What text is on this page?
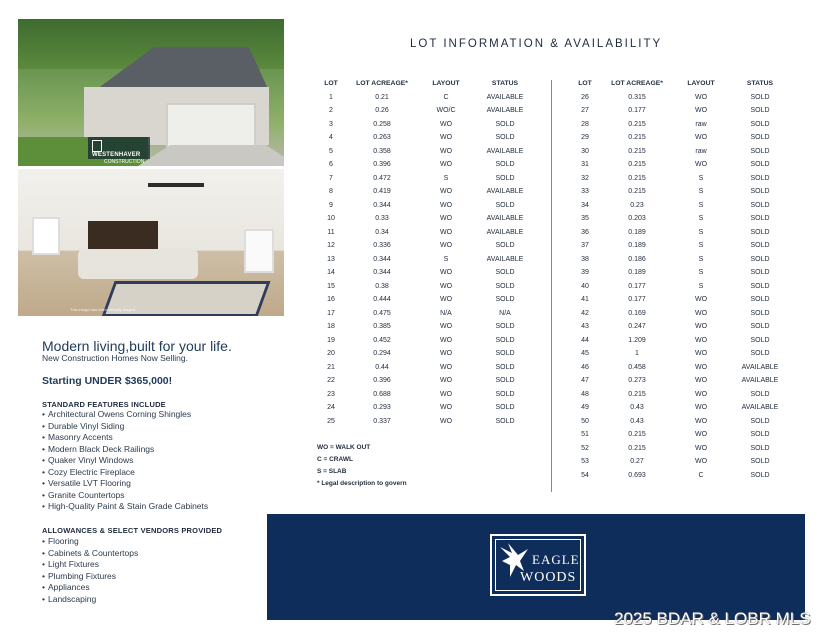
WESTENHAVER
CONSTRUCTION
This image has been virtually staged.

Modern living,built for your life.

New Construction Homes Now Selling.

Starting UNDER $365,000!

STANDARD FEATURES INCLUDE

• Architectural Owens Corning Shingles
• Durable Vinyl Siding
• Masonry Accents
• Modern Black Deck Railings
• Quaker Vinyl Windows
• Cozy Electric Fireplace
• Versatile LVT Flooring
• Granite Countertops
• High-Quality Paint & Stain Grade Cabinets

ALLOWANCES & SELECT VENDORS PROVIDED

• Flooring
• Cabinets & Countertops
• Light Fixtures
• Plumbing Fixtures
• Appliances
• Landscaping
LOT INFORMATION & AVAILABILITY
LOT	LOT ACREAGE*	LAYOUT	STATUS
1	0.21	C	AVAILABLE
2	0.26	WO/C	AVAILABLE
3	0.258	WO	SOLD
4	0.263	WO	SOLD
5	0.358	WO	AVAILABLE
6	0.396	WO	SOLD
7	0.472	S	SOLD
8	0.419	WO	AVAILABLE
9	0.344	WO	SOLD
10	0.33	WO	AVAILABLE
11	0.34	WO	AVAILABLE
12	0.336	WO	SOLD
13	0.344	S	AVAILABLE
14	0.344	WO	SOLD
15	0.38	WO	SOLD
16	0.444	WO	SOLD
17	0.475	N/A	N/A
18	0.385	WO	SOLD
19	0.452	WO	SOLD
20	0.294	WO	SOLD
21	0.44	WO	SOLD
22	0.396	WO	SOLD
23	0.688	WO	SOLD
24	0.293	WO	SOLD
25	0.337	WO	SOLD
LOT	LOT ACREAGE*	LAYOUT	STATUS
26	0.315	WO	SOLD
27	0.177	WO	SOLD
28	0.215	raw	SOLD
29	0.215	WO	SOLD
30	0.215	raw	SOLD
31	0.215	WO	SOLD
32	0.215	S	SOLD
33	0.215	S	SOLD
34	0.23	S	SOLD
35	0.203	S	SOLD
36	0.189	S	SOLD
37	0.189	S	SOLD
38	0.186	S	SOLD
39	0.189	S	SOLD
40	0.177	S	SOLD
41	0.177	WO	SOLD
42	0.169	WO	SOLD
43	0.247	WO	SOLD
44	1.209	WO	SOLD
45	1	WO	SOLD
46	0.458	WO	AVAILABLE
47	0.273	WO	AVAILABLE
48	0.215	WO	SOLD
49	0.43	WO	AVAILABLE
50	0.43	WO	SOLD
51	0.215	WO	SOLD
52	0.215	WO	SOLD
53	0.27	WO	SOLD
54	0.693	C	SOLD
WO = WALK OUT
C = CRAWL
S = SLAB
* Legal description to govern
EAGLE
WOODS

2025 BDAR & LOBR MLS
